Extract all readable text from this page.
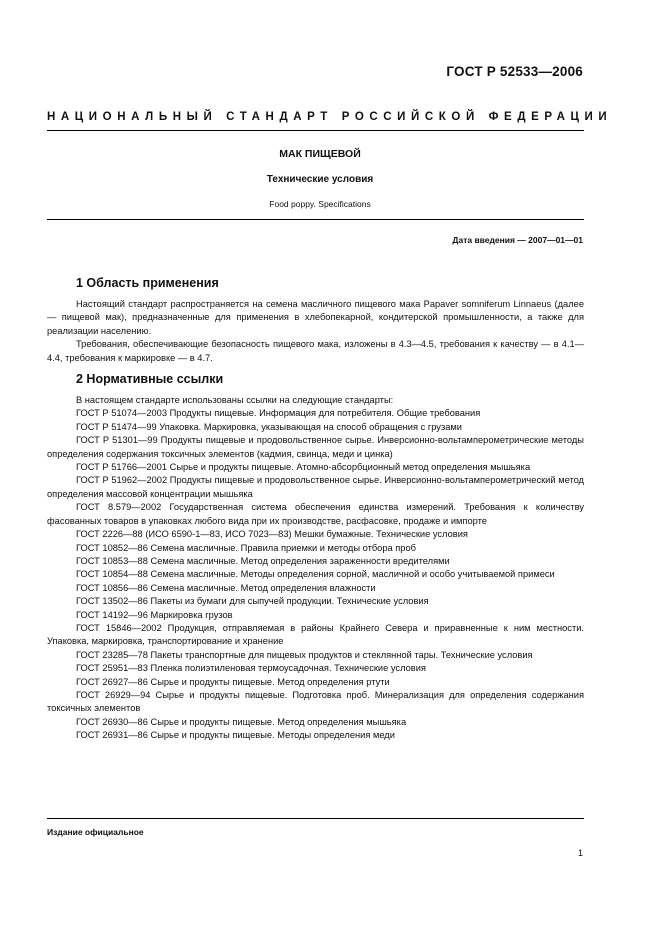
ГОСТ Р 52533—2006
НАЦИОНАЛЬНЫЙ СТАНДАРТ РОССИЙСКОЙ ФЕДЕРАЦИИ
МАК ПИЩЕВОЙ
Технические условия
Food poppy. Specifications
Дата введения — 2007—01—01
1 Область применения

Настоящий стандарт распространяется на семена масличного пищевого мака Papaver somniferum Linnaeus (далее — пищевой мак), предназначенные для применения в хлебопекарной, кондитерской промышленности, а также для реализации населению.

Требования, обеспечивающие безопасность пищевого мака, изложены в 4.3—4.5, требования к качеству — в 4.1—4.4, требования к маркировке — в 4.7.

2 Нормативные ссылки

В настоящем стандарте использованы ссылки на следующие стандарты:

ГОСТ Р 51074—2003 Продукты пищевые. Информация для потребителя. Общие требования

ГОСТ Р 51474—99 Упаковка. Маркировка, указывающая на способ обращения с грузами

ГОСТ Р 51301—99 Продукты пищевые и продовольственное сырье. Инверсионно-вольтамперометрические методы определения содержания токсичных элементов (кадмия, свинца, меди и цинка)

ГОСТ Р 51766—2001 Сырье и продукты пищевые. Атомно-абсорбционный метод определения мышьяка

ГОСТ Р 51962—2002 Продукты пищевые и продовольственное сырье. Инверсионно-вольтамперометрический метод определения массовой концентрации мышьяка

ГОСТ 8.579—2002 Государственная система обеспечения единства измерений. Требования к количеству фасованных товаров в упаковках любого вида при их производстве, расфасовке, продаже и импорте

ГОСТ 2226—88 (ИСО 6590-1—83, ИСО 7023—83) Мешки бумажные. Технические условия

ГОСТ 10852—86 Семена масличные. Правила приемки и методы отбора проб

ГОСТ 10853—88 Семена масличные. Метод определения зараженности вредителями

ГОСТ 10854—88 Семена масличные. Методы определения сорной, масличной и особо учитываемой примеси

ГОСТ 10856—86 Семена масличные. Метод определения влажности

ГОСТ 13502—86 Пакеты из бумаги для сыпучей продукции. Технические условия

ГОСТ 14192—96 Маркировка грузов

ГОСТ 15846—2002 Продукция, отправляемая в районы Крайнего Севера и приравненные к ним местности. Упаковка, маркировка, транспортирование и хранение

ГОСТ 23285—78 Пакеты транспортные для пищевых продуктов и стеклянной тары. Технические условия

ГОСТ 25951—83 Пленка полиэтиленовая термоусадочная. Технические условия

ГОСТ 26927—86 Сырье и продукты пищевые. Метод определения ртути

ГОСТ 26929—94 Сырье и продукты пищевые. Подготовка проб. Минерализация для определения содержания токсичных элементов

ГОСТ 26930—86 Сырье и продукты пищевые. Метод определения мышьяка

ГОСТ 26931—86 Сырье и продукты пищевые. Методы определения меди

Издание официальное
1
